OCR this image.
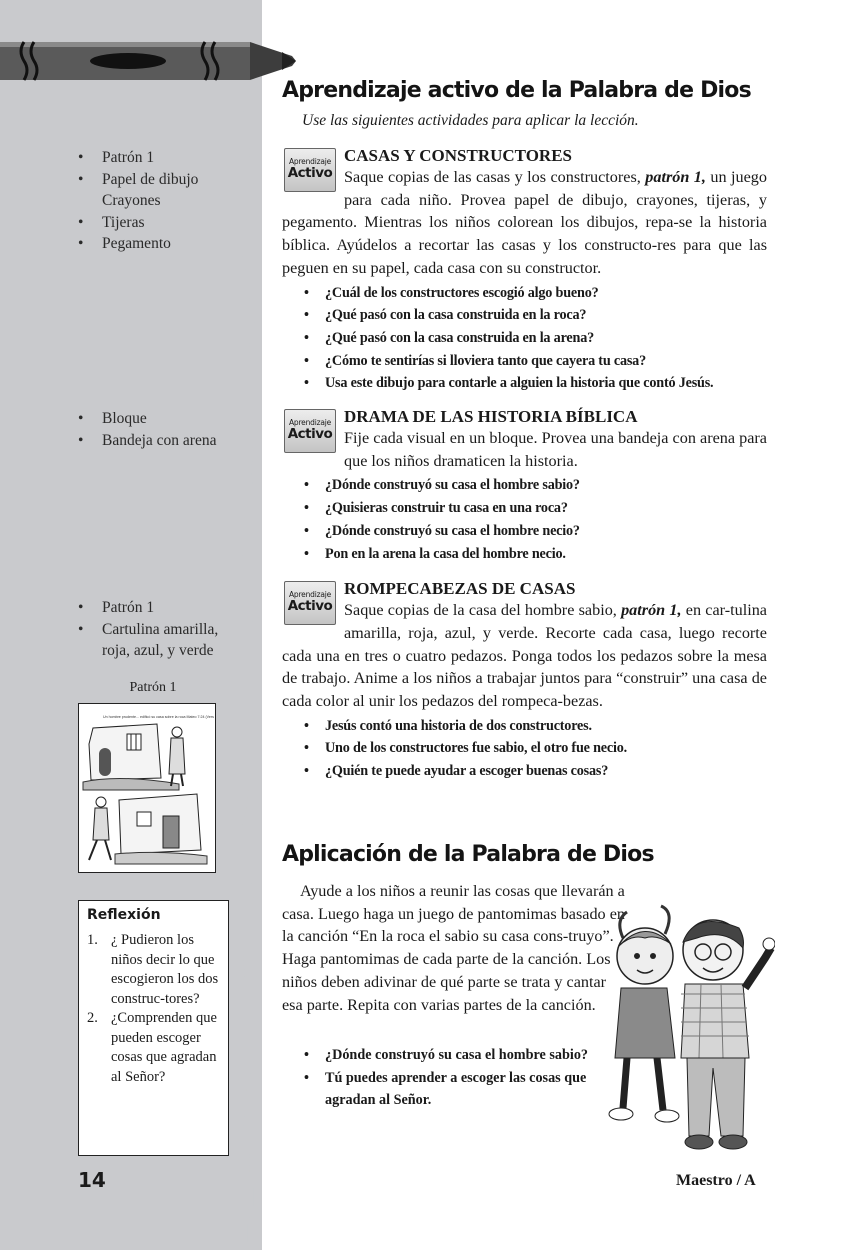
• Patrón 1
• Papel de dibujo
Crayones
• Tijeras
• Pegamento
• Bloque
• Bandeja con arena
• Patrón 1
• Cartulina amarilla,
roja, azul, y verde
Patrón 1
Un hombre prudente... edificó su casa sobre la roca Mateo 7:24 (Versión)
Reflexión
1. ¿ Pudieron los niños decir lo que escogieron los dos construc-tores?
2. ¿Comprenden que pueden escoger cosas que agradan al Señor?
14
Aprendizaje activo de la Palabra de Dios
Use las siguientes actividades para aplicar la lección.
Aprendizaje
Activo
CASAS Y CONSTRUCTORES
Saque copias de las casas y los constructores, patrón 1, un juego para cada niño. Provea papel de dibujo, crayones, tijeras, y pegamento. Mientras los niños colorean los dibujos, repa-se la historia bíblica. Ayúdelos a recortar las casas y los constructo-res para que las peguen en su papel, cada casa con su constructor.
• ¿Cuál de los constructores escogió algo bueno?
• ¿Qué pasó con la casa construida en la roca?
• ¿Qué pasó con la casa construida en la arena?
• ¿Cómo te sentirías si lloviera tanto que cayera tu casa?
• Usa este dibujo para contarle a alguien la historia que contó Jesús.
Aprendizaje
Activo
DRAMA DE LAS HISTORIA BÍBLICA
Fije cada visual en un bloque. Provea una bandeja con arena para que los niños dramaticen la historia.
• ¿Dónde construyó su casa el hombre sabio?
• ¿Quisieras construir tu casa en una roca?
• ¿Dónde construyó su casa el hombre necio?
• Pon en la arena la casa del hombre necio.
Aprendizaje
Activo
ROMPECABEZAS DE CASAS
Saque copias de la casa del hombre sabio, patrón 1, en car-tulina amarilla, roja, azul, y verde. Recorte cada casa, luego recorte cada una en tres o cuatro pedazos. Ponga todos los pedazos sobre la mesa de trabajo. Anime a los niños a trabajar juntos para “construir” una casa de cada color al unir los pedazos del rompeca-bezas.
• Jesús contó una historia de dos constructores.
• Uno de los constructores fue sabio, el otro fue necio.
• ¿Quién te puede ayudar a escoger buenas cosas?
Aplicación de la Palabra de Dios
Ayude a los niños a reunir las cosas que llevarán a casa. Luego haga un juego de pantomimas basado en la canción “En la roca el sabio su casa cons-truyo”. Haga pantomimas de cada parte de la canción. Los niños deben adivinar de qué parte se trata y cantar esa parte. Repita con varias partes de la canción.
• ¿Dónde construyó su casa el hombre sabio?
• Tú puedes aprender a escoger las cosas que agradan al Señor.
Maestro / A
